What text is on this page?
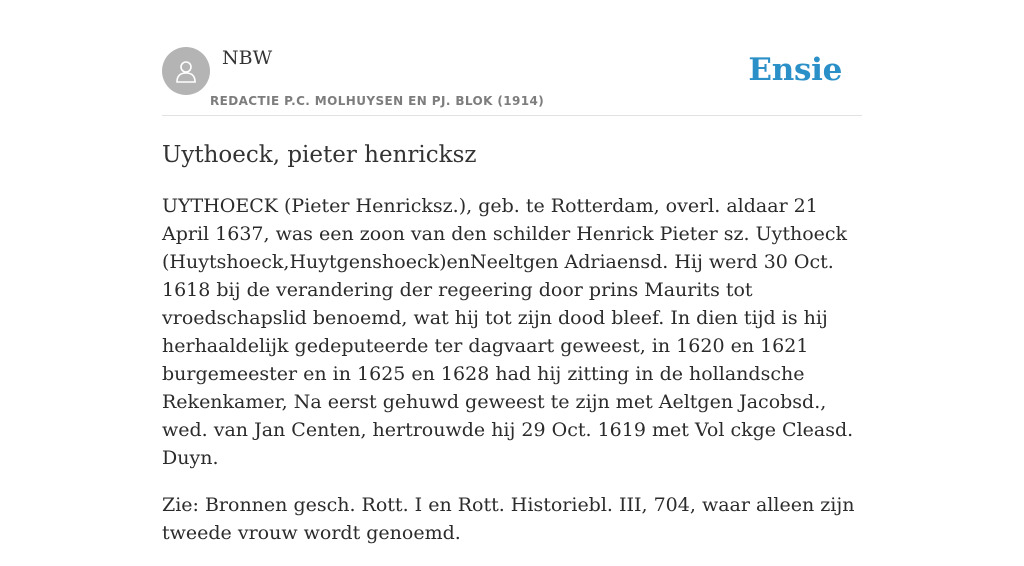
NBW
REDACTIE P.C. MOLHUYSEN EN PJ. BLOK (1914)
Ensie
Uythoeck, pieter henricksz

UYTHOECK (Pieter Henricksz.), geb. te Rotterdam, overl. aldaar 21 April 1637, was een zoon van den schilder Henrick Pieter sz. Uythoeck (Huytshoeck,Huytgenshoeck)enNeeltgen Adriaensd. Hij werd 30 Oct. 1618 bij de verandering der regeering door prins Maurits tot vroedschapslid benoemd, wat hij tot zijn dood bleef. In dien tijd is hij herhaaldelijk gedeputeerde ter dagvaart geweest, in 1620 en 1621 burgemeester en in 1625 en 1628 had hij zitting in de hollandsche Rekenkamer, Na eerst gehuwd geweest te zijn met Aeltgen Jacobsd., wed. van Jan Centen, hertrouwde hij 29 Oct. 1619 met Vol ckge Cleasd. Duyn.

Zie: Bronnen gesch. Rott. I en Rott. Historiebl. III, 704, waar alleen zijn tweede vrouw wordt genoemd.
